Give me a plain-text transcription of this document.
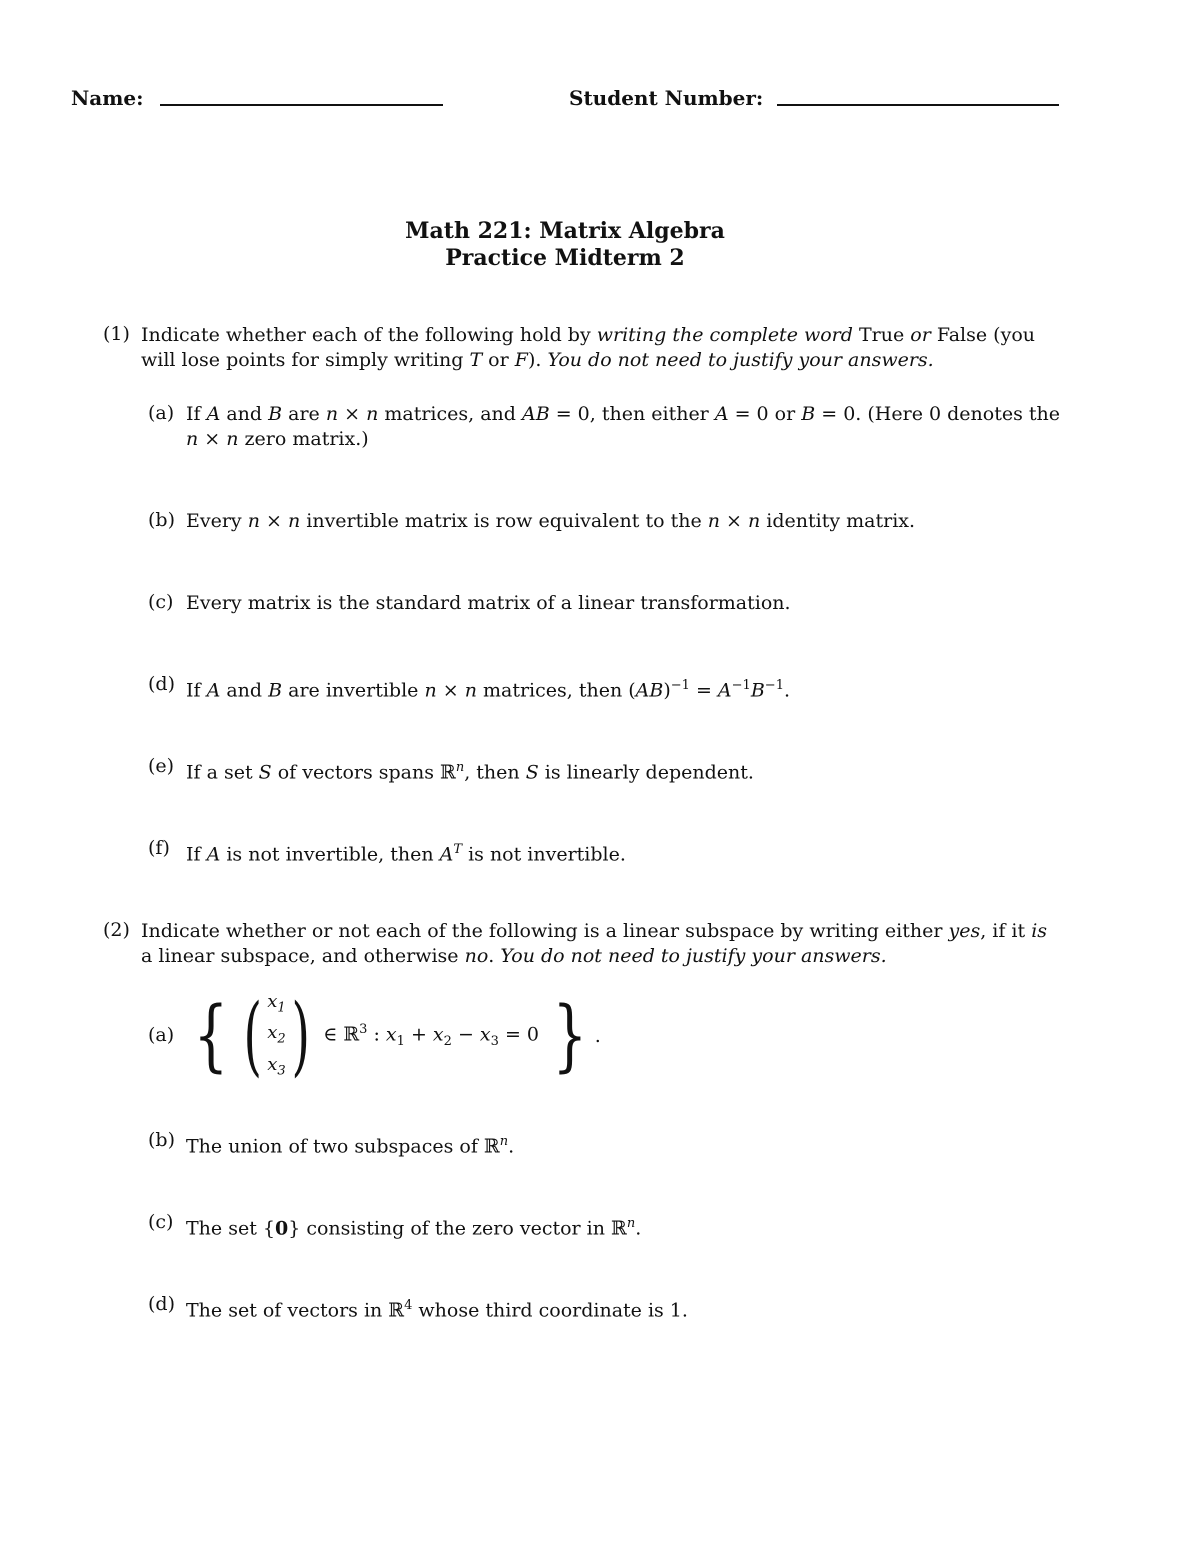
Name:	Student Number:
Math 221: Matrix Algebra
Practice Midterm 2
(1) Indicate whether each of the following hold by writing the complete word True or False (you will lose points for simply writing T or F). You do not need to justify your answers.
(a) If A and B are n × n matrices, and AB = 0, then either A = 0 or B = 0. (Here 0 denotes the n × n zero matrix.)
(b) Every n × n invertible matrix is row equivalent to the n × n identity matrix.
(c) Every matrix is the standard matrix of a linear transformation.
(d) If A and B are invertible n × n matrices, then $(AB)^{-1} = A^{-1}B^{-1}$.
(e) If a set S of vectors spans ℝ$^n$, then S is linearly dependent.
(f) If A is not invertible, then $A^T$ is not invertible.
(2) Indicate whether or not each of the following is a linear subspace by writing either yes, if it is a linear subspace, and otherwise no. You do not need to justify your answers.
(a) { ( $x_1$
$x_2$
$x_3$ ) ∈ ℝ$^3$ : $x_1 + x_2 - x_3 = 0$ } .
(b) The union of two subspaces of ℝ$^n$.
(c) The set {0} consisting of the zero vector in ℝ$^n$.
(d) The set of vectors in ℝ$^4$ whose third coordinate is 1.
